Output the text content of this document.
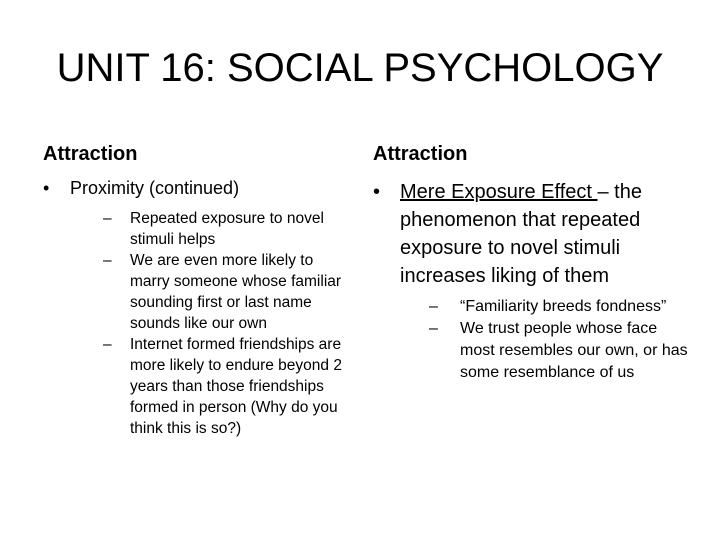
UNIT 16: SOCIAL PSYCHOLOGY

Attraction

• Proximity (continued)
– Repeated exposure to novel stimuli helps
– We are even more likely to marry someone whose familiar sounding first or last name sounds like our own
– Internet formed friendships are more likely to endure beyond 2 years than those friendships formed in person (Why do you think this is so?)

Attraction

• Mere Exposure Effect – the phenomenon that repeated exposure to novel stimuli increases liking of them
– “Familiarity breeds fondness”
– We trust people whose face most resembles our own, or has some resemblance of us
